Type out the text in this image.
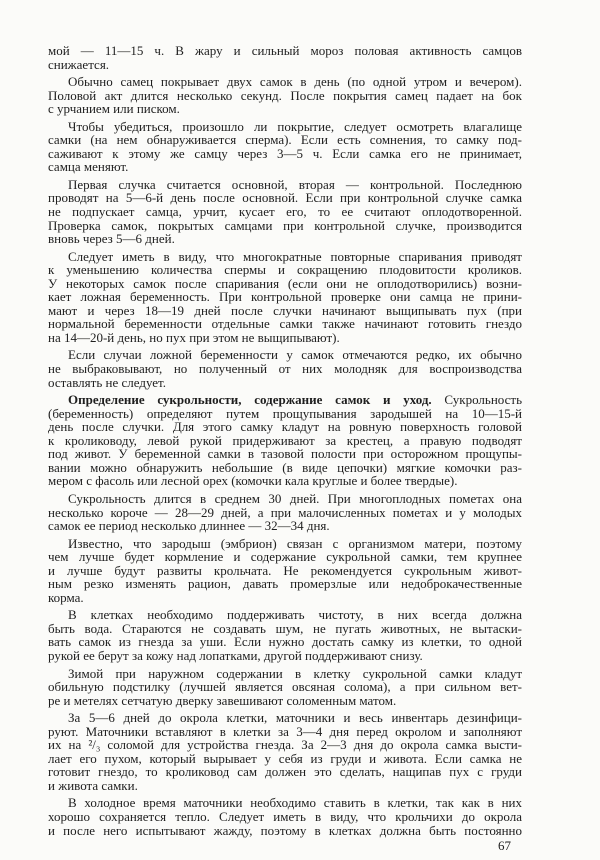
мой — 11—15 ч. В жару и сильный мороз половая активность самцов
снижается.
Обычно самец покрывает двух самок в день (по одной утром и вечером).
Половой акт длится несколько секунд. После покрытия самец падает на бок
с урчанием или писком.
Чтобы убедиться, произошло ли покрытие, следует осмотреть влагалище
самки (на нем обнаруживается сперма). Если есть сомнения, то самку под-
саживают к этому же самцу через 3—5 ч. Если самка его не принимает,
самца меняют.
Первая случка считается основной, вторая — контрольной. Последнюю
проводят на 5—6-й день после основной. Если при контрольной случке самка
не подпускает самца, урчит, кусает его, то ее считают оплодотворенной.
Проверка самок, покрытых самцами при контрольной случке, производится
вновь через 5—6 дней.
Следует иметь в виду, что многократные повторные спаривания приводят
к уменьшению количества спермы и сокращению плодовитости кроликов.
У некоторых самок после спаривания (если они не оплодотворились) возни-
кает ложная беременность. При контрольной проверке они самца не прини-
мают и через 18—19 дней после случки начинают выщипывать пух (при
нормальной беременности отдельные самки также начинают готовить гнездо
на 14—20-й день, но пух при этом не выщипывают).
Если случаи ложной беременности у самок отмечаются редко, их обычно
не выбраковывают, но полученный от них молодняк для воспроизводства
оставлять не следует.
Определение сукрольности, содержание самок и уход. Сукрольность
(беременность) определяют путем прощупывания зародышей на 10—15-й
день после случки. Для этого самку кладут на ровную поверхность головой
к кролиководу, левой рукой придерживают за крестец, а правую подводят
под живот. У беременной самки в тазовой полости при осторожном прощупы-
вании можно обнаружить небольшие (в виде цепочки) мягкие комочки раз-
мером с фасоль или лесной орех (комочки кала круглые и более твердые).
Сукрольность длится в среднем 30 дней. При многоплодных пометах она
несколько короче — 28—29 дней, а при малочисленных пометах и у молодых
самок ее период несколько длиннее — 32—34 дня.
Известно, что зародыш (эмбрион) связан с организмом матери, поэтому
чем лучше будет кормление и содержание сукрольной самки, тем крупнее
и лучше будут развиты крольчата. Не рекомендуется сукрольным живот-
ным резко изменять рацион, давать промерзлые или недоброкачественные
корма.
В клетках необходимо поддерживать чистоту, в них всегда должна
быть вода. Стараются не создавать шум, не пугать животных, не вытаски-
вать самок из гнезда за уши. Если нужно достать самку из клетки, то одной
рукой ее берут за кожу над лопатками, другой поддерживают снизу.
Зимой при наружном содержании в клетку сукрольной самки кладут
обильную подстилку (лучшей является овсяная солома), а при сильном вет-
ре и метелях сетчатую дверку завешивают соломенным матом.
За 5—6 дней до окрола клетки, маточники и весь инвентарь дезинфици-
руют. Маточники вставляют в клетки за 3—4 дня перед окролом и заполняют
их на ²/₃ соломой для устройства гнезда. За 2—3 дня до окрола самка высти-
лает его пухом, который вырывает у себя из груди и живота. Если самка не
готовит гнездо, то кроликовод сам должен это сделать, нащипав пух с груди
и живота самки.
В холодное время маточники необходимо ставить в клетки, так как в них
хорошо сохраняется тепло. Следует иметь в виду, что крольчихи до окрола
и после него испытывают жажду, поэтому в клетках должна быть постоянно
67
